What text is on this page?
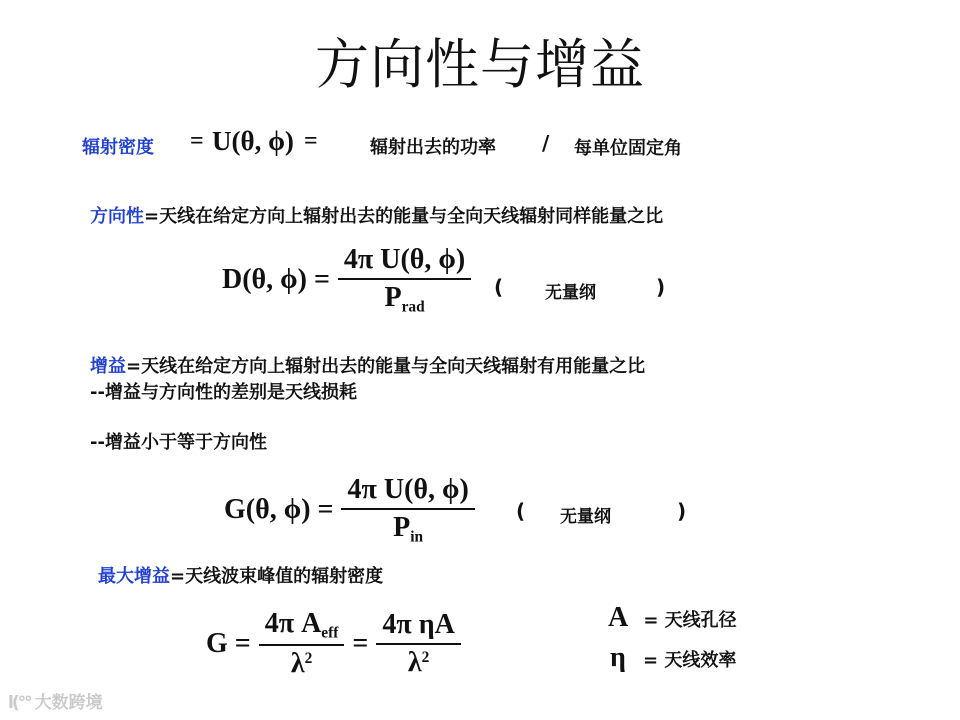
方向性与增益
辐射密度 = U(θ, ϕ) =	辐射出去的功率 / 每单位固定角
方向性=天线在给定方向上辐射出去的能量与全向天线辐射同样能量之比
D(θ, $\phi) = \frac{\text{4π U(θ, ϕ)}}{P_{rad}}$ ( 无量纲	)
增益=天线在给定方向上辐射出去的能量与全向天线辐射有用能量之比
--增益与方向性的差别是天线损耗
--增益小于等于方向性
G(θ, $\phi) = \frac{\text{4π U(θ, ϕ)}}{P_{in}}$ ( 无量纲	)
最大增益=天线波束峰值的辐射密度
$G = \frac{4\pi A_{eff}}{\lambda^2} = \frac{\text{4π ηA}}{\lambda^2}$	A = 天线孔径
η = 天线效率
l(°° 大数跨境
